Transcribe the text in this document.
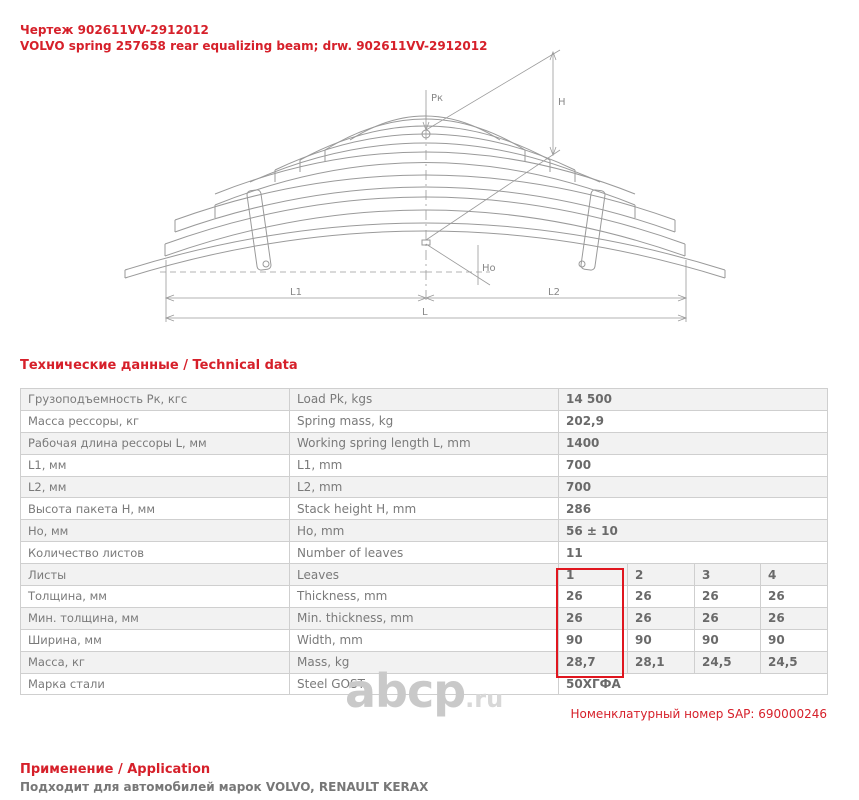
Чертеж 902611VV-2912012
VOLVO spring 257658 rear equalizing beam; drw. 902611VV-2912012
Pк	H
Ho
L1	L2
L
Технические данные / Technical data
Грузоподъемность Pк, кгс	Load Pk, kgs	14 500			
Масса рессоры, кг	Spring mass, kg	202,9			
Рабочая длина рессоры L, мм	Working spring length L, mm	1400			
L1, мм	L1, mm	700			
L2, мм	L2, mm	700			
Высота пакета H, мм	Stack height H, mm	286			
Ho, мм	Ho, mm	56 ± 10			
Количество листов	Number of leaves	11			
Листы	Leaves	1	2	3	4
Толщина, мм	Thickness, mm	26	26	26	26
Мин. толщина, мм	Min. thickness, mm	26	26	26	26
Ширина, мм	Width, mm	90	90	90	90
Масса, кг	Mass, kg	28,7	28,1	24,5	24,5
Марка стали	Steel GOST	50ХГФА			
Номенклатурный номер SAP: 690000246
abcp.ru
Применение / Application
Подходит для автомобилей марок VOLVO, RENAULT KERAX
